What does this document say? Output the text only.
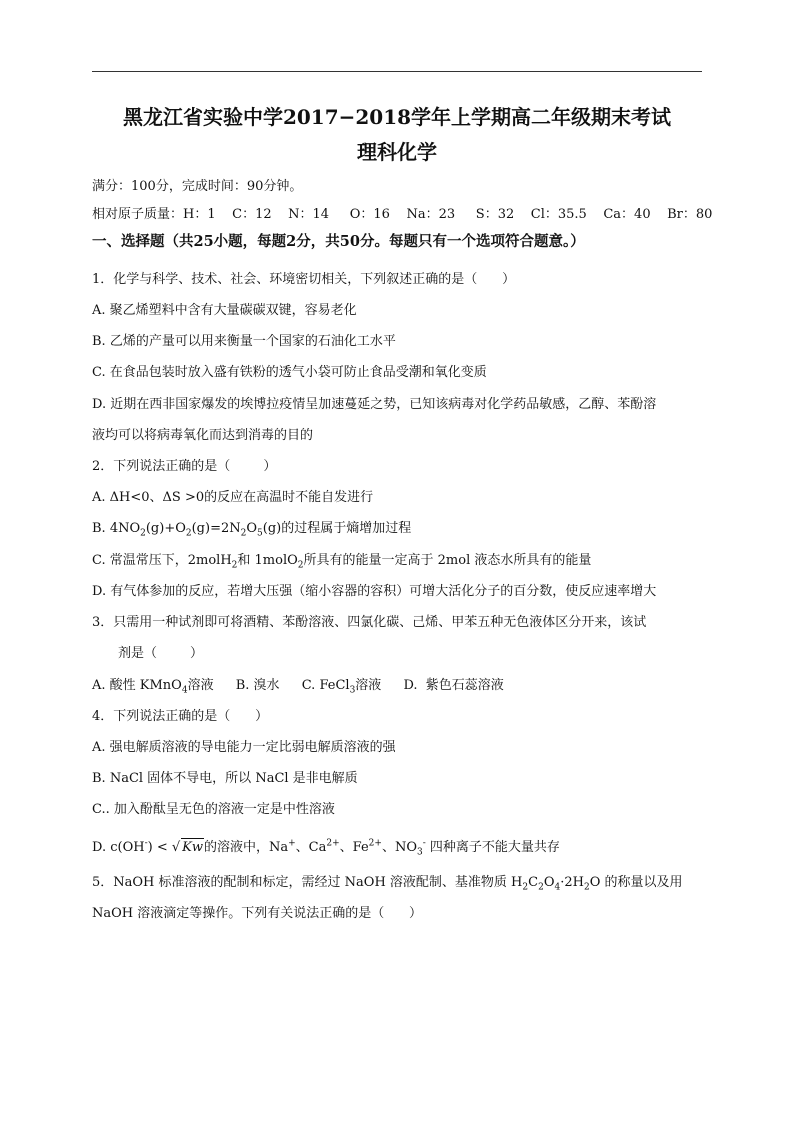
黑龙江省实验中学2017−2018学年上学期高二年级期末考试
理科化学
满分：100分，完成时间：90分钟。
相对原子质量：H：1    C：12    N：14     O：16    Na：23     S：32    Cl：35.5    Ca：40    Br：80
一、选择题（共25小题，每题2分，共50分。每题只有一个选项符合题意。）
1．化学与科学、技术、社会、环境密切相关，下列叙述正确的是（      ）
A. 聚乙烯塑料中含有大量碳碳双键，容易老化
B. 乙烯的产量可以用来衡量一个国家的石油化工水平
C. 在食品包装时放入盛有铁粉的透气小袋可防止食品受潮和氧化变质
D. 近期在西非国家爆发的埃博拉疫情呈加速蔓延之势，已知该病毒对化学药品敏感，乙醇、苯酚溶
液均可以将病毒氧化而达到消毒的目的
2．下列说法正确的是（        ）
A. ΔH<0、ΔS >0的反应在高温时不能自发进行
B. $4NO_2(g)+O_2(g)=2N_2O_5(g)$的过程属于熵增加过程
C. 常温常压下，2molH$_2$和 1molO$_2$所具有的能量一定高于 2mol 液态水所具有的能量
D. 有气体参加的反应，若增大压强（缩小容器的容积）可增大活化分子的百分数，使反应速率增大
3．只需用一种试剂即可将酒精、苯酚溶液、四氯化碳、己烯、甲苯五种无色液体区分开来，该试
剂是（        ）
A. 酸性 KMnO$_4$溶液 B. 溴水 C. FeCl$_3$溶液 D.  紫色石蕊溶液
4．下列说法正确的是（      ）
A. 强电解质溶液的导电能力一定比弱电解质溶液的强
B. NaCl 固体不导电，所以 NaCl 是非电解质
C.. 加入酚酞呈无色的溶液一定是中性溶液
D. c(OH-) < √ Kw的溶液中，Na+、$Ca^{2+}$、$Fe^{2+}$、$NO_3^-$ 四种离子不能大量共存
5．NaOH 标准溶液的配制和标定，需经过 NaOH 溶液配制、基准物质 $H_2C_2O_4\cdot 2H_2O$ 的称量以及用
NaOH 溶液滴定等操作。下列有关说法正确的是（      ）
